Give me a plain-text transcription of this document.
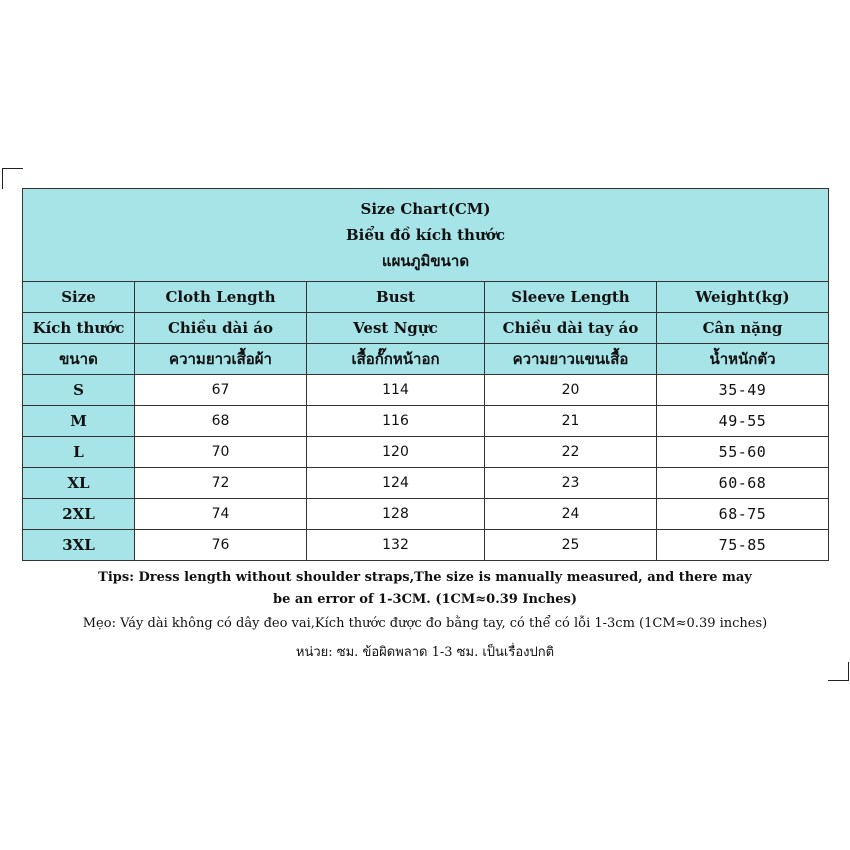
Size Chart(CM)
Biểu đồ kích thước
แผนภูมิขนาด				

Size	Cloth Length	Bust	Sleeve Length	Weight(kg)
Kích thước	Chiều dài áo	Vest Ngực	Chiều dài tay áo	Cân nặng
ขนาด	ความยาวเสื้อผ้า	เสื้อกั๊กหน้าอก	ความยาวแขนเสื้อ	น้ำหนักตัว
S	67	114	20	35-49
M	68	116	21	49-55
L	70	120	22	55-60
XL	72	124	23	60-68
2XL	74	128	24	68-75
3XL	76	132	25	75-85
Tips: Dress length without shoulder straps,The size is manually measured, and there may
be an error of 1-3CM. (1CM≈0.39 Inches)
Mẹo: Váy dài không có dây đeo vai,Kích thước được đo bằng tay, có thể có lỗi 1-3cm (1CM≈0.39 inches)
หน่วย: ซม. ข้อผิดพลาด 1-3 ซม. เป็นเรื่องปกติ
